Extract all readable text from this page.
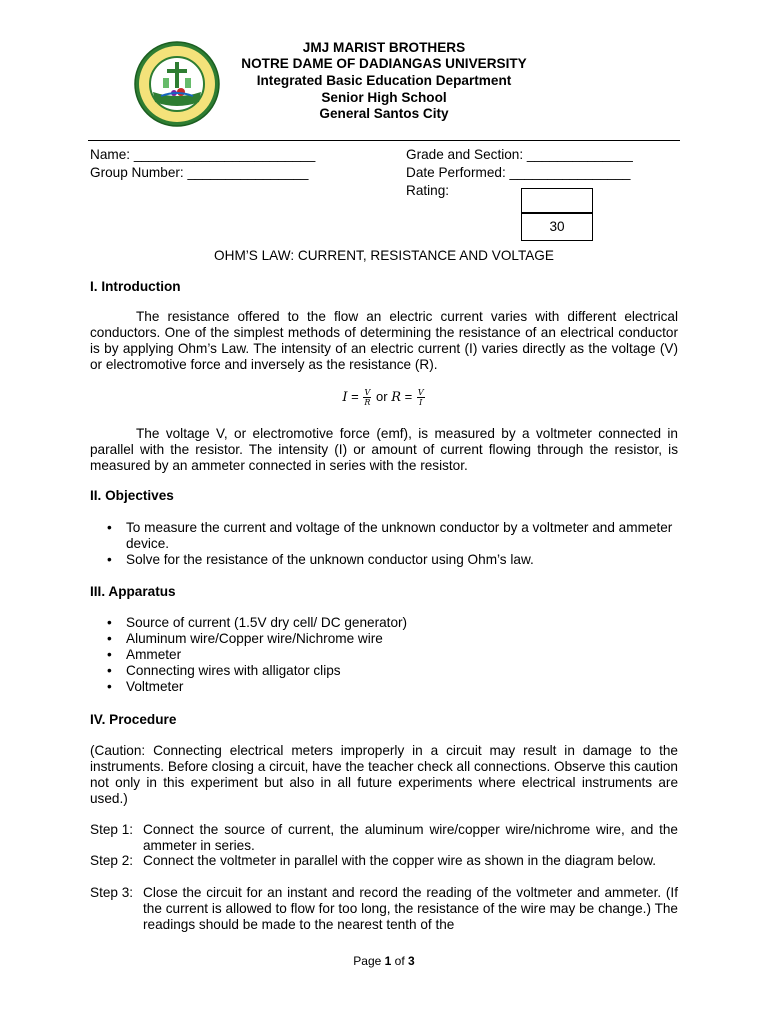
JMJ MARIST BROTHERS
NOTRE DAME OF DADIANGAS UNIVERSITY
Integrated Basic Education Department
Senior High School
General Santos City
Name: ________________________
Group Number: ________________
Grade and Section: ______________
Date Performed: ________________
Rating:
30
OHM’S LAW: CURRENT, RESISTANCE AND VOLTAGE
I. Introduction
The resistance offered to the flow an electric current varies with different electrical conductors. One of the simplest methods of determining the resistance of an electrical conductor is by applying Ohm’s Law. The intensity of an electric current (I) varies directly as the voltage (V) or electromotive force and inversely as the resistance (R).
$I = \frac{V}{R}$ or $R = \frac{V}{I}$
The voltage V, or electromotive force (emf), is measured by a voltmeter connected in parallel with the resistor. The intensity (I) or amount of current flowing through the resistor, is measured by an ammeter connected in series with the resistor.
II. Objectives
• To measure the current and voltage of the unknown conductor by a voltmeter and ammeter device.
• Solve for the resistance of the unknown conductor using Ohm’s law.
III. Apparatus
• Source of current (1.5V dry cell/ DC generator)
• Aluminum wire/Copper wire/Nichrome wire
• Ammeter
• Connecting wires with alligator clips
• Voltmeter
IV. Procedure
(Caution: Connecting electrical meters improperly in a circuit may result in damage to the instruments. Before closing a circuit, have the teacher check all connections. Observe this caution not only in this experiment but also in all future experiments where electrical instruments are used.)
Step 1: Connect the source of current, the aluminum wire/copper wire/nichrome wire, and the ammeter in series.
Step 2: Connect the voltmeter in parallel with the copper wire as shown in the diagram below.
Step 3: Close the circuit for an instant and record the reading of the voltmeter and ammeter. (If the current is allowed to flow for too long, the resistance of the wire may be change.) The readings should be made to the nearest tenth of the
Page 1 of 3
